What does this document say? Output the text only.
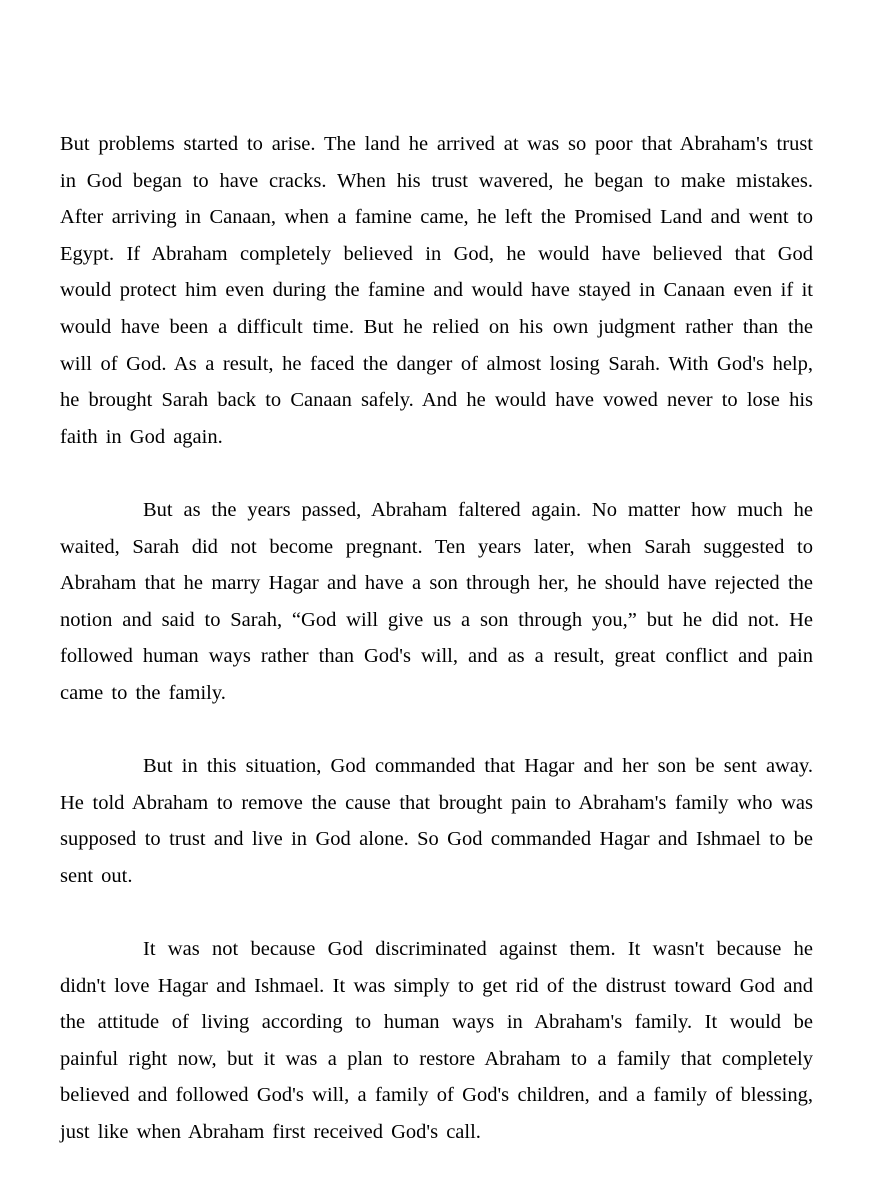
But problems started to arise. The land he arrived at was so poor that Abraham's trust in God began to have cracks. When his trust wavered, he began to make mistakes. After arriving in Canaan, when a famine came, he left the Promised Land and went to Egypt. If Abraham completely believed in God, he would have believed that God would protect him even during the famine and would have stayed in Canaan even if it would have been a difficult time. But he relied on his own judgment rather than the will of God. As a result, he faced the danger of almost losing Sarah. With God's help, he brought Sarah back to Canaan safely. And he would have vowed never to lose his faith in God again.

But as the years passed, Abraham faltered again. No matter how much he waited, Sarah did not become pregnant. Ten years later, when Sarah suggested to Abraham that he marry Hagar and have a son through her, he should have rejected the notion and said to Sarah, “God will give us a son through you,” but he did not. He followed human ways rather than God's will, and as a result, great conflict and pain came to the family.

But in this situation, God commanded that Hagar and her son be sent away. He told Abraham to remove the cause that brought pain to Abraham's family who was supposed to trust and live in God alone. So God commanded Hagar and Ishmael to be sent out.

It was not because God discriminated against them. It wasn't because he didn't love Hagar and Ishmael. It was simply to get rid of the distrust toward God and the attitude of living according to human ways in Abraham's family. It would be painful right now, but it was a plan to restore Abraham to a family that completely believed and followed God's will, a family of God's children, and a family of blessing, just like when Abraham first received God's call.
